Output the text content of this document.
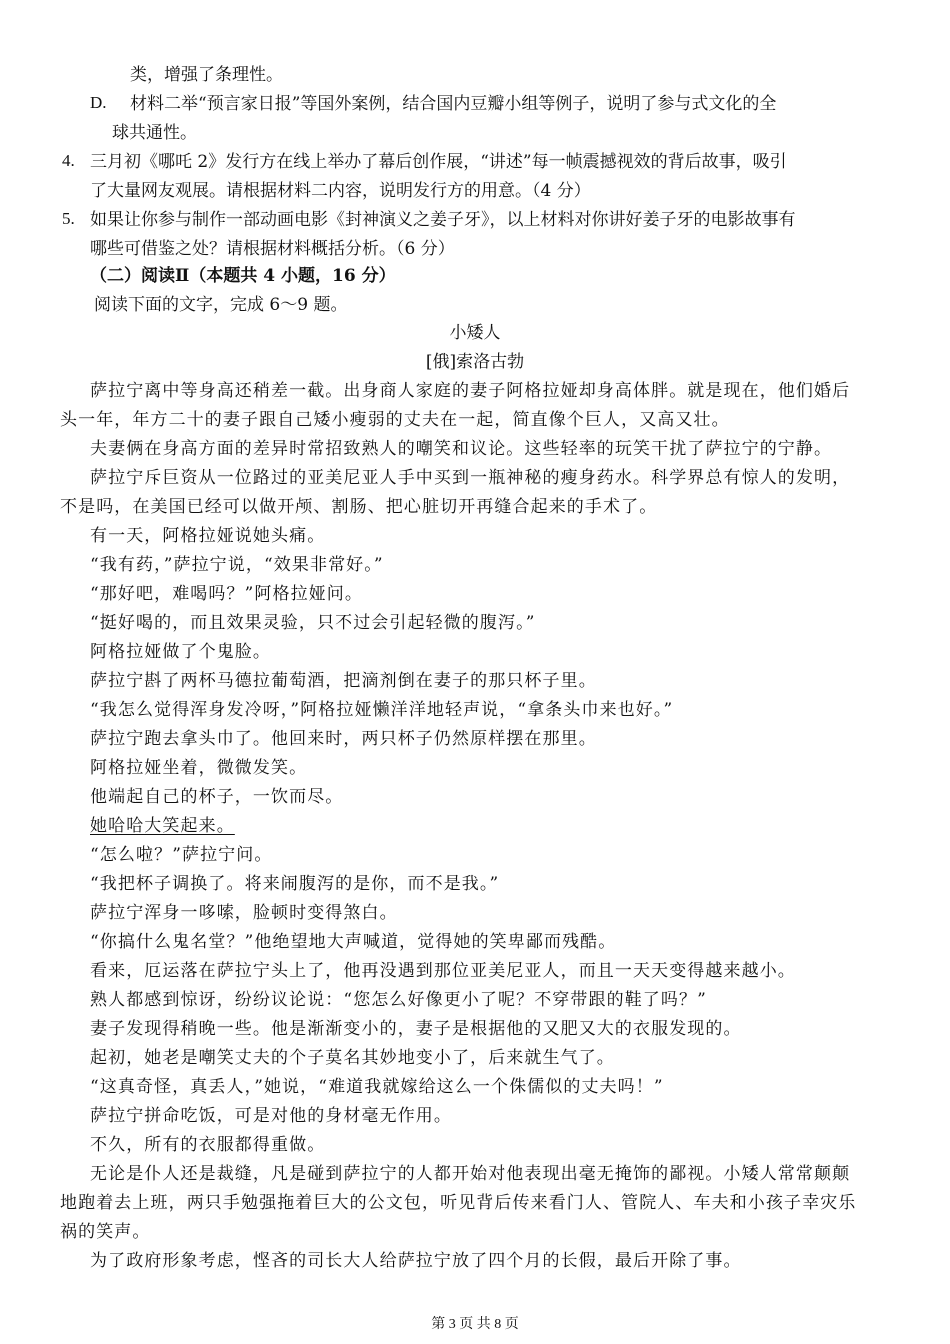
类，增强了条理性。
D. 材料二举“预言家日报”等国外案例，结合国内豆瓣小组等例子，说明了参与式文化的全
球共通性。
4. 三月初《哪吒 2》发行方在线上举办了幕后创作展，“讲述”每一帧震撼视效的背后故事，吸引
了大量网友观展。请根据材料二内容，说明发行方的用意。（4 分）
5. 如果让你参与制作一部动画电影《封神演义之姜子牙》，以上材料对你讲好姜子牙的电影故事有
哪些可借鉴之处？请根据材料概括分析。（6 分）
（二）阅读Ⅱ（本题共 4 小题，16 分）
阅读下面的文字，完成 6～9 题。
小矮人
[俄]索洛古勃
萨拉宁离中等身高还稍差一截。出身商人家庭的妻子阿格拉娅却身高体胖。就是现在，他们婚后
头一年，年方二十的妻子跟自己矮小瘦弱的丈夫在一起，简直像个巨人，又高又壮。
夫妻俩在身高方面的差异时常招致熟人的嘲笑和议论。这些轻率的玩笑干扰了萨拉宁的宁静。
萨拉宁斥巨资从一位路过的亚美尼亚人手中买到一瓶神秘的瘦身药水。科学界总有惊人的发明，
不是吗，在美国已经可以做开颅、割肠、把心脏切开再缝合起来的手术了。
有一天，阿格拉娅说她头痛。
“我有药，”萨拉宁说，“效果非常好。”
“那好吧，难喝吗？”阿格拉娅问。
“挺好喝的，而且效果灵验，只不过会引起轻微的腹泻。”
阿格拉娅做了个鬼脸。
萨拉宁斟了两杯马德拉葡萄酒，把滴剂倒在妻子的那只杯子里。
“我怎么觉得浑身发冷呀，”阿格拉娅懒洋洋地轻声说，“拿条头巾来也好。”
萨拉宁跑去拿头巾了。他回来时，两只杯子仍然原样摆在那里。
阿格拉娅坐着，微微发笑。
他端起自己的杯子，一饮而尽。
她哈哈大笑起来。
“怎么啦？”萨拉宁问。
“我把杯子调换了。将来闹腹泻的是你，而不是我。”
萨拉宁浑身一哆嗦，脸顿时变得煞白。
“你搞什么鬼名堂？”他绝望地大声喊道，觉得她的笑卑鄙而残酷。
看来，厄运落在萨拉宁头上了，他再没遇到那位亚美尼亚人，而且一天天变得越来越小。
熟人都感到惊讶，纷纷议论说：“您怎么好像更小了呢？不穿带跟的鞋了吗？”
妻子发现得稍晚一些。他是渐渐变小的，妻子是根据他的又肥又大的衣服发现的。
起初，她老是嘲笑丈夫的个子莫名其妙地变小了，后来就生气了。
“这真奇怪，真丢人，”她说，“难道我就嫁给这么一个侏儒似的丈夫吗！”
萨拉宁拼命吃饭，可是对他的身材毫无作用。
不久，所有的衣服都得重做。
无论是仆人还是裁缝，凡是碰到萨拉宁的人都开始对他表现出毫无掩饰的鄙视。小矮人常常颠颠
地跑着去上班，两只手勉强拖着巨大的公文包，听见背后传来看门人、管院人、车夫和小孩子幸灾乐
祸的笑声。
为了政府形象考虑，悭吝的司长大人给萨拉宁放了四个月的长假，最后开除了事。
第 3 页 共 8 页
